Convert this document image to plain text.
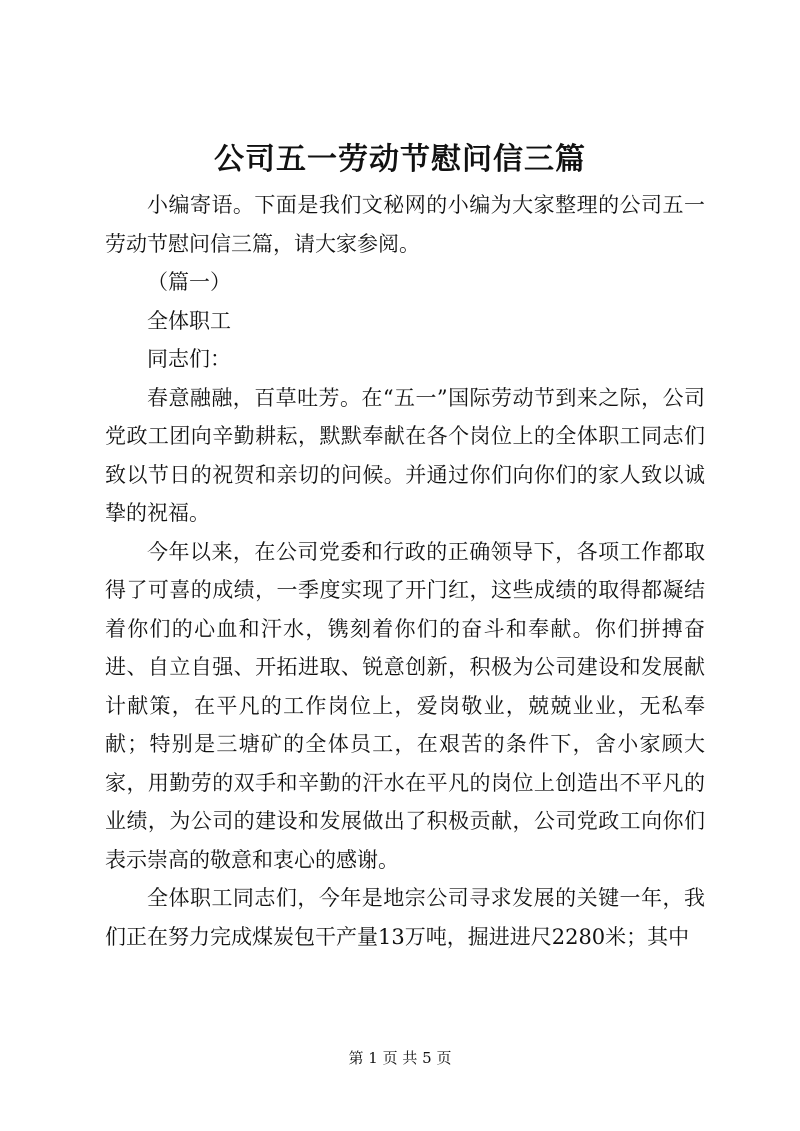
公司五一劳动节慰问信三篇

小编寄语。下面是我们文秘网的小编为大家整理的公司五一劳动节慰问信三篇，请大家参阅。

（篇一）

全体职工

同志们：

春意融融，百草吐芳。在“五一”国际劳动节到来之际，公司党政工团向辛勤耕耘，默默奉献在各个岗位上的全体职工同志们致以节日的祝贺和亲切的问候。并通过你们向你们的家人致以诚挚的祝福。

今年以来，在公司党委和行政的正确领导下，各项工作都取得了可喜的成绩，一季度实现了开门红，这些成绩的取得都凝结着你们的心血和汗水，镌刻着你们的奋斗和奉献。你们拼搏奋进、自立自强、开拓进取、锐意创新，积极为公司建设和发展献计献策，在平凡的工作岗位上，爱岗敬业，兢兢业业，无私奉献；特别是三塘矿的全体员工，在艰苦的条件下，舍小家顾大家，用勤劳的双手和辛勤的汗水在平凡的岗位上创造出不平凡的业绩，为公司的建设和发展做出了积极贡献，公司党政工向你们表示崇高的敬意和衷心的感谢。

全体职工同志们，今年是地宗公司寻求发展的关键一年，我们正在努力完成煤炭包干产量13万吨，掘进进尺2280米；其中

第 1 页 共 5 页
